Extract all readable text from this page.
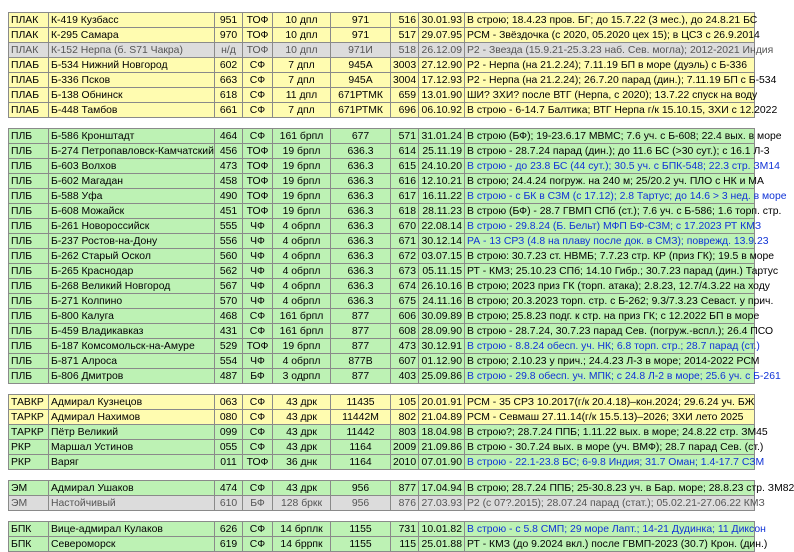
ПЛАК	К-419 Кузбасс	951	ТОФ	10 дпл	971	516	30.01.93	В строю; 18.4.23 пров. БГ; до 15.7.22 (3 мес.), до 24.8.21 БС
ПЛАК	К-295 Самара	970	ТОФ	10 дпл	971	517	29.07.95	РСМ - Звёздочка (с 2020, 05.2020 цех 15); в ЦСЗ с 26.9.2014
ПЛАК	К-152 Нерпа (б. S71 Чакра)	н/д	ТОФ	10 дпл	971И	518	26.12.09	Р2 - Звезда (15.9.21-25.3.23 наб. Сев. могла); 2012-2021 Индия
ПЛАБ	Б-534 Нижний Новгород	602	СФ	7 дпл	945А	3003	27.12.90	Р2 - Нерпа (на 21.2.24); 7.11.19 БП в море (дуэль) с Б-336
ПЛАБ	Б-336 Псков	663	СФ	7 дпл	945А	3004	17.12.93	Р2 - Нерпа (на 21.2.24); 26.7.20 парад (дин.); 7.11.19 БП с Б-534
ПЛАБ	Б-138 Обнинск	618	СФ	11 дпл	671РТМК	659	13.01.90	ШИ? ЗХИ? после ВТГ (Нерпа, с 2020); 13.7.22 спуск на воду
ПЛАБ	Б-448 Тамбов	661	СФ	7 дпл	671РТМК	696	06.10.92	В строю - 6-14.7 Балтика; ВТГ Нерпа г/к 15.10.15, ЗХИ с 12.2022

ПЛБ	Б-586 Кронштадт	464	СФ	161 брпл	677	571	31.01.24	В строю (БФ); 19-23.6.17 МВМС; 7.6 уч. с Б-608; 22.4 вых. в море
ПЛБ	Б-274 Петропавловск-Камчатский	456	ТОФ	19 брпл	636.3	614	25.11.19	В строю - 28.7.24 парад (дин.); до 11.6 БС (>30 сут.); с 16.1 Л-3
ПЛБ	Б-603 Волхов	473	ТОФ	19 брпл	636.3	615	24.10.20	В строю - до 23.8 БС (44 сут.); 30.5 уч. с БПК-548; 22.3 стр. ЗМ14
ПЛБ	Б-602 Магадан	458	ТОФ	19 брпл	636.3	616	12.10.21	В строю; 24.4.24 погруж. на 240 м; 25/20.2 уч. ПЛО с НК и МА
ПЛБ	Б-588 Уфа	490	ТОФ	19 брпл	636.3	617	16.11.22	В строю - с БК в СЗМ (с 17.12); 2.8 Тартус; до 14.6 > 3 нед. в море
ПЛБ	Б-608 Можайск	451	ТОФ	19 брпл	636.3	618	28.11.23	В строю (БФ) - 28.7 ГВМП СПб (ст.); 7.6 уч. с Б-586; 1.6 торп. стр.
ПЛБ	Б-261 Новороссийск	555	ЧФ	4 обрпл	636.3	670	22.08.14	В строю - 29.8.24 (Б. Бельт) МФП БФ-СЗМ; с 17.2023 РТ КМЗ
ПЛБ	Б-237 Ростов-на-Дону	556	ЧФ	4 обрпл	636.3	671	30.12.14	РА - 13 СРЗ (4.8 на плаву после док. в СМЗ); поврежд. 13.9.23
ПЛБ	Б-262 Старый Оскол	560	ЧФ	4 обрпл	636.3	672	03.07.15	В строю: 30.7.23 ст. НВМБ; 7.7.23 стр. КР (приз ГК); 19.5 в море
ПЛБ	Б-265 Краснодар	562	ЧФ	4 обрпл	636.3	673	05.11.15	РТ - КМЗ; 25.10.23 СПб; 14.10 Гибр.; 30.7.23 парад (дин.) Тартус
ПЛБ	Б-268 Великий Новгород	567	ЧФ	4 обрпл	636.3	674	26.10.16	В строю; 2023 приз ГК (торп. атака); 2.8.23, 12.7/4.3.22 на ходу
ПЛБ	Б-271 Колпино	570	ЧФ	4 обрпл	636.3	675	24.11.16	В строю; 20.3.2023 торп. стр. с Б-262; 9.3/7.3.23 Севаст. у прич.
ПЛБ	Б-800 Калуга	468	СФ	161 брпл	877	606	30.09.89	В строю; 25.8.23 подг. к стр. на приз ГК; с 12.2022 БП в море
ПЛБ	Б-459 Владикавказ	431	СФ	161 брпл	877	608	28.09.90	В строю - 28.7.24, 30.7.23 парад Сев. (погруж.-вспл.); 26.4 ПСО
ПЛБ	Б-187 Комсомольск-на-Амуре	529	ТОФ	19 брпл	877	473	30.12.91	В строю - 8.8.24 обесп. уч. НК; 6.8 торп. стр.; 28.7 парад (ст.)
ПЛБ	Б-871 Алроса	554	ЧФ	4 обрпл	877В	607	01.12.90	В строю; 2.10.23 у прич.; 24.4.23 Л-3 в море; 2014-2022 РСМ
ПЛБ	Б-806 Дмитров	487	БФ	3 одрпл	877	403	25.09.86	В строю - 29.8 обесп. уч. МПК; с 24.8 Л-2 в море; 25.6 уч. с Б-261

ТАВКР	Адмирал Кузнецов	063	СФ	43 дрк	11435	105	20.01.91	РСМ - 35 СРЗ 10.2017(г/к 20.4.18)–кон.2024; 29.6.24 уч. БЖ
ТАРКР	Адмирал Нахимов	080	СФ	43 дрк	11442М	802	21.04.89	РСМ - Севмаш 27.11.14(г/к 15.5.13)–2026; ЗХИ лето 2025
ТАРКР	Пётр Великий	099	СФ	43 дрк	11442	803	18.04.98	В строю?; 28.7.24 ППБ; 1.11.22 вых. в море; 24.8.22 стр. ЗМ45
РКР	Маршал Устинов	055	СФ	43 дрк	1164	2009	21.09.86	В строю - 30.7.24 вых. в море (уч. ВМФ); 28.7 парад Сев. (ст.)
РКР	Варяг	011	ТОФ	36 днк	1164	2010	07.01.90	В строю - 22.1-23.8 БС; 6-9.8 Индия; 31.7 Оман; 1.4-17.7 СЗМ

ЭМ	Адмирал Ушаков	474	СФ	43 дрк	956	877	17.04.94	В строю; 28.7.24 ППБ; 25-30.8.23 уч. в Бар. море; 28.8.23 стр. ЗМ82
ЭМ	Настойчивый	610	БФ	128 бркк	956	876	27.03.93	Р2 (с 07?.2015); 28.07.24 парад (стат.); 05.02.21-27.06.22 КМЗ

БПК	Вице-адмирал Кулаков	626	СФ	14 брплк	1155	731	10.01.82	В строю - с 5.8 СМП; 29 море Лапт.; 14-21 Дудинка; 11 Диксон
БПК	Североморск	619	СФ	14 бррпк	1155	115	25.01.88	РТ - КМЗ (до 9.2024 вкл.) после ГВМП-2023 (30.7) Крон. (дин.)
